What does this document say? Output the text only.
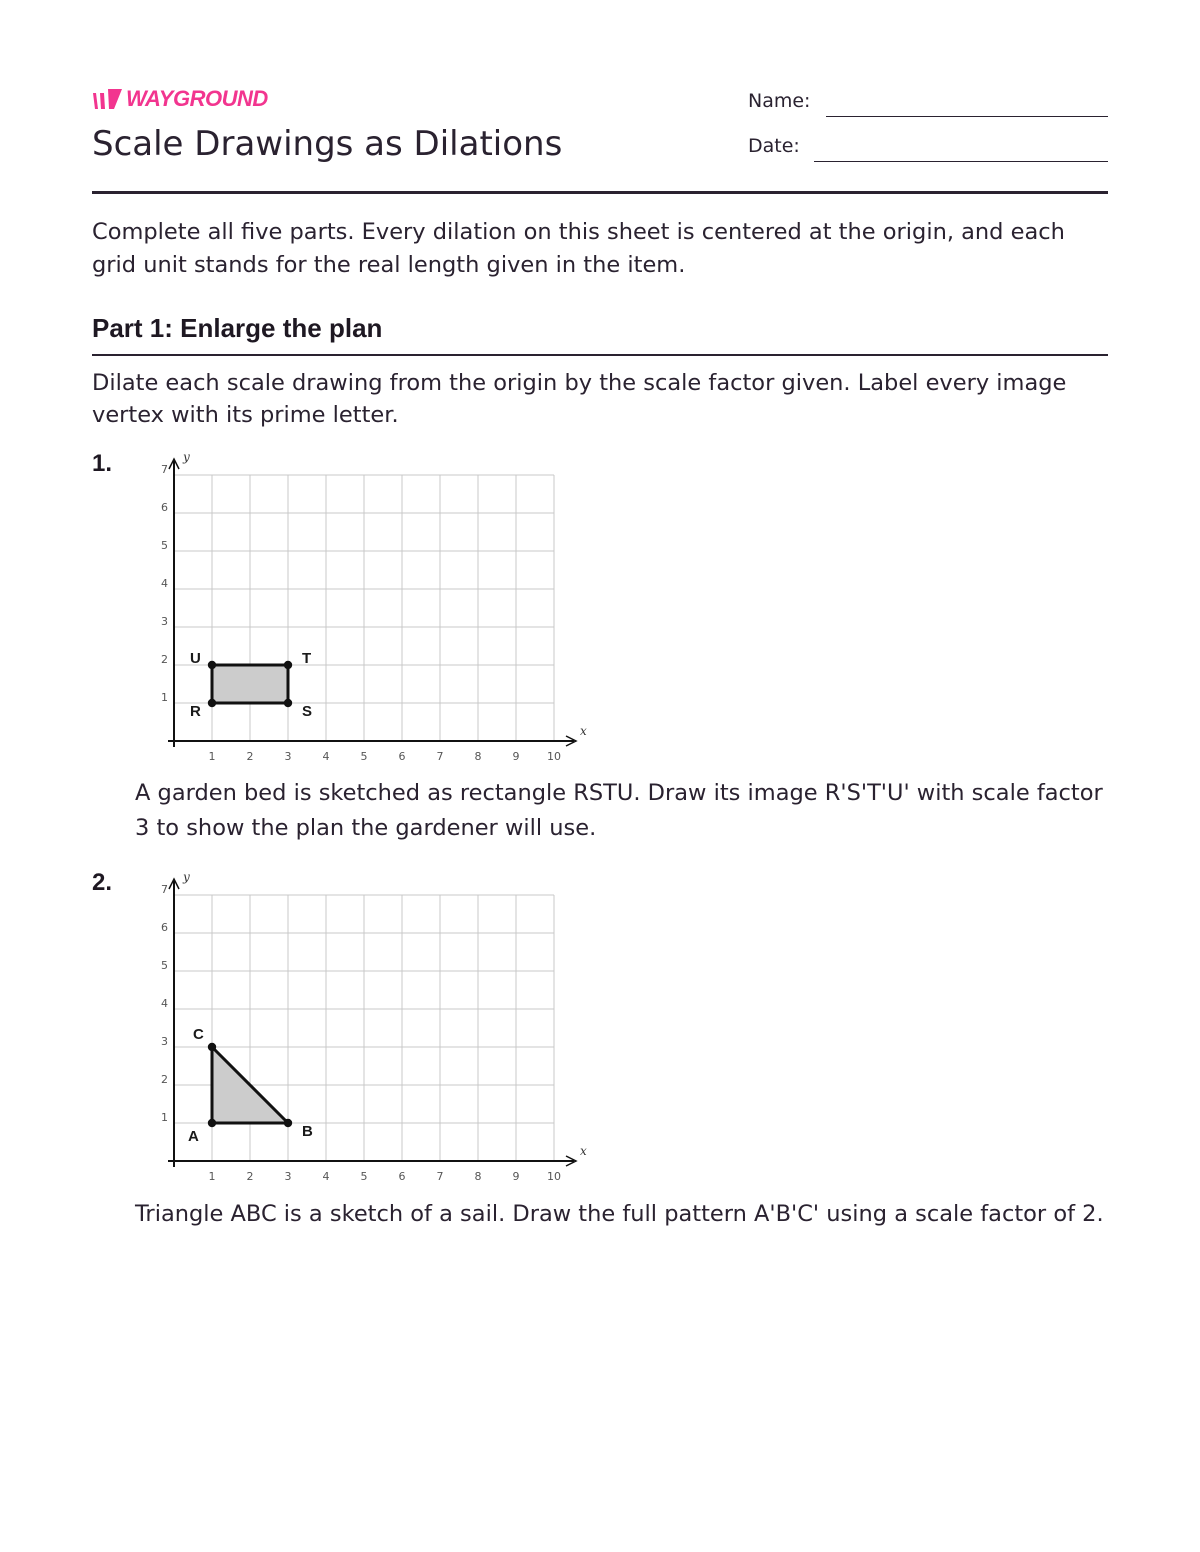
WAYGROUND
Scale Drawings as Dilations
Name:
Date:

Complete all five parts. Every dilation on this sheet is centered at the origin, and each grid unit stands for the real length given in the item.

Part 1: Enlarge the plan

Dilate each scale drawing from the origin by the scale factor given. Label every image vertex with its prime letter.

1.
x
y
1	2	3	4	5	6	7	8	9	10
1
2
3
4
5
6
7
R	S
T
U

A garden bed is sketched as rectangle RSTU. Draw its image R'S'T'U' with scale factor 3 to show the plan the gardener will use.

2.
x
y
1	2	3	4	5	6	7	8	9	10
1
2
3
4
5
6
7
A	B
C

Triangle ABC is a sketch of a sail. Draw the full pattern A'B'C' using a scale factor of 2.
